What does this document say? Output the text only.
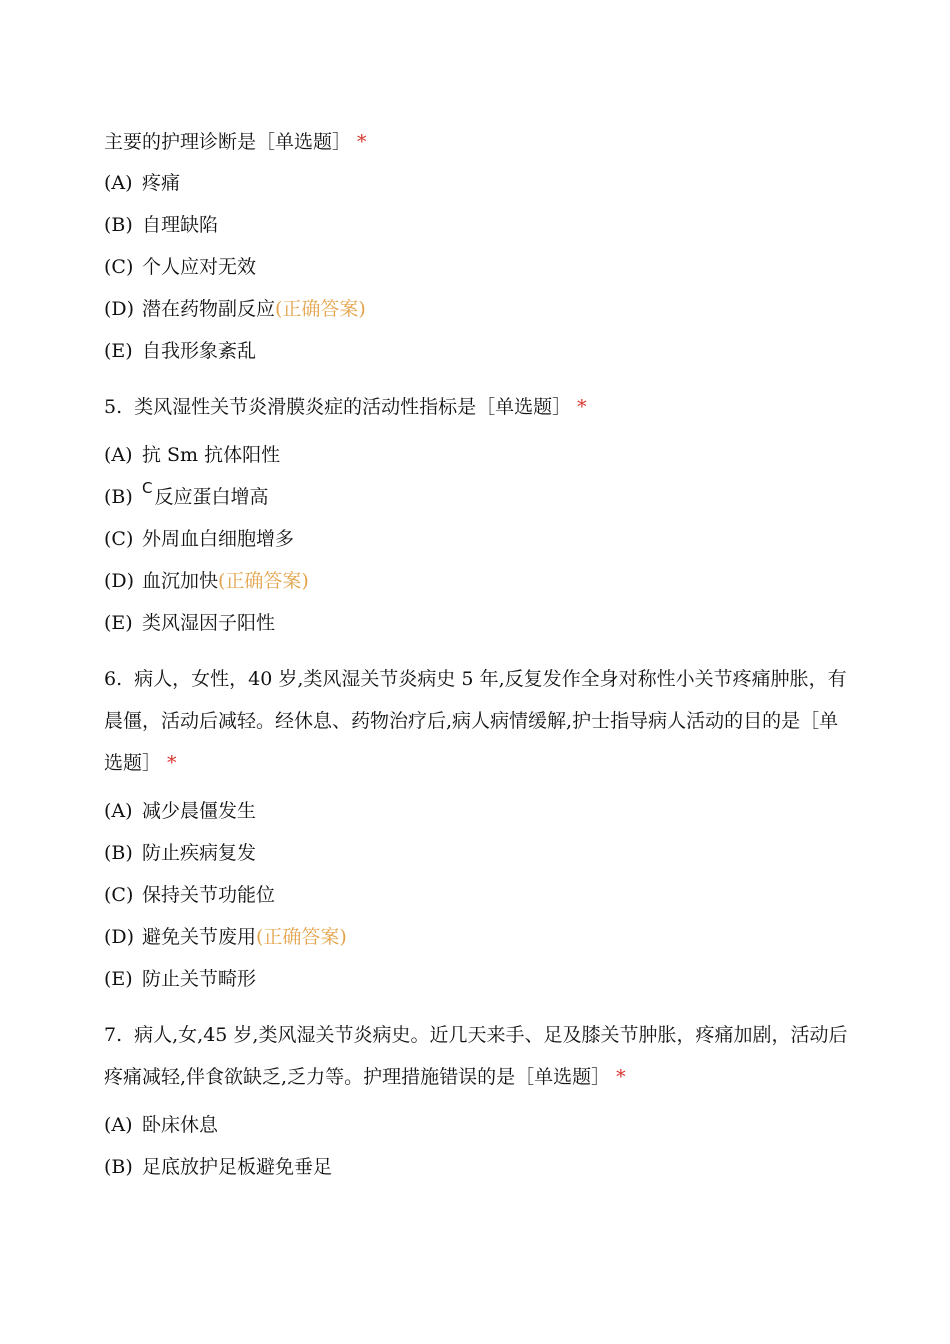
主要的护理诊断是［单选题］ *

(A) 疼痛
(B) 自理缺陷
(C) 个人应对无效
(D) 潜在药物副反应(正确答案)
(E) 自我形象紊乱

5. 类风湿性关节炎滑膜炎症的活动性指标是［单选题］ *

(A) 抗 Sm 抗体阳性
(B) $^C$ 反应蛋白增高
(C) 外周血白细胞增多
(D) 血沉加快(正确答案)
(E) 类风湿因子阳性

6. 病人，女性，40 岁,类风湿关节炎病史 5 年,反复发作全身对称性小关节疼痛肿胀，有晨僵，活动后减轻。经休息、药物治疗后,病人病情缓解,护士指导病人活动的目的是［单选题］ *

(A) 减少晨僵发生
(B) 防止疾病复发
(C) 保持关节功能位
(D) 避免关节废用(正确答案)
(E) 防止关节畸形

7. 病人,女,45 岁,类风湿关节炎病史。近几天来手、足及膝关节肿胀，疼痛加剧，活动后疼痛减轻,伴食欲缺乏,乏力等。护理措施错误的是［单选题］ *

(A) 卧床休息
(B) 足底放护足板避免垂足
